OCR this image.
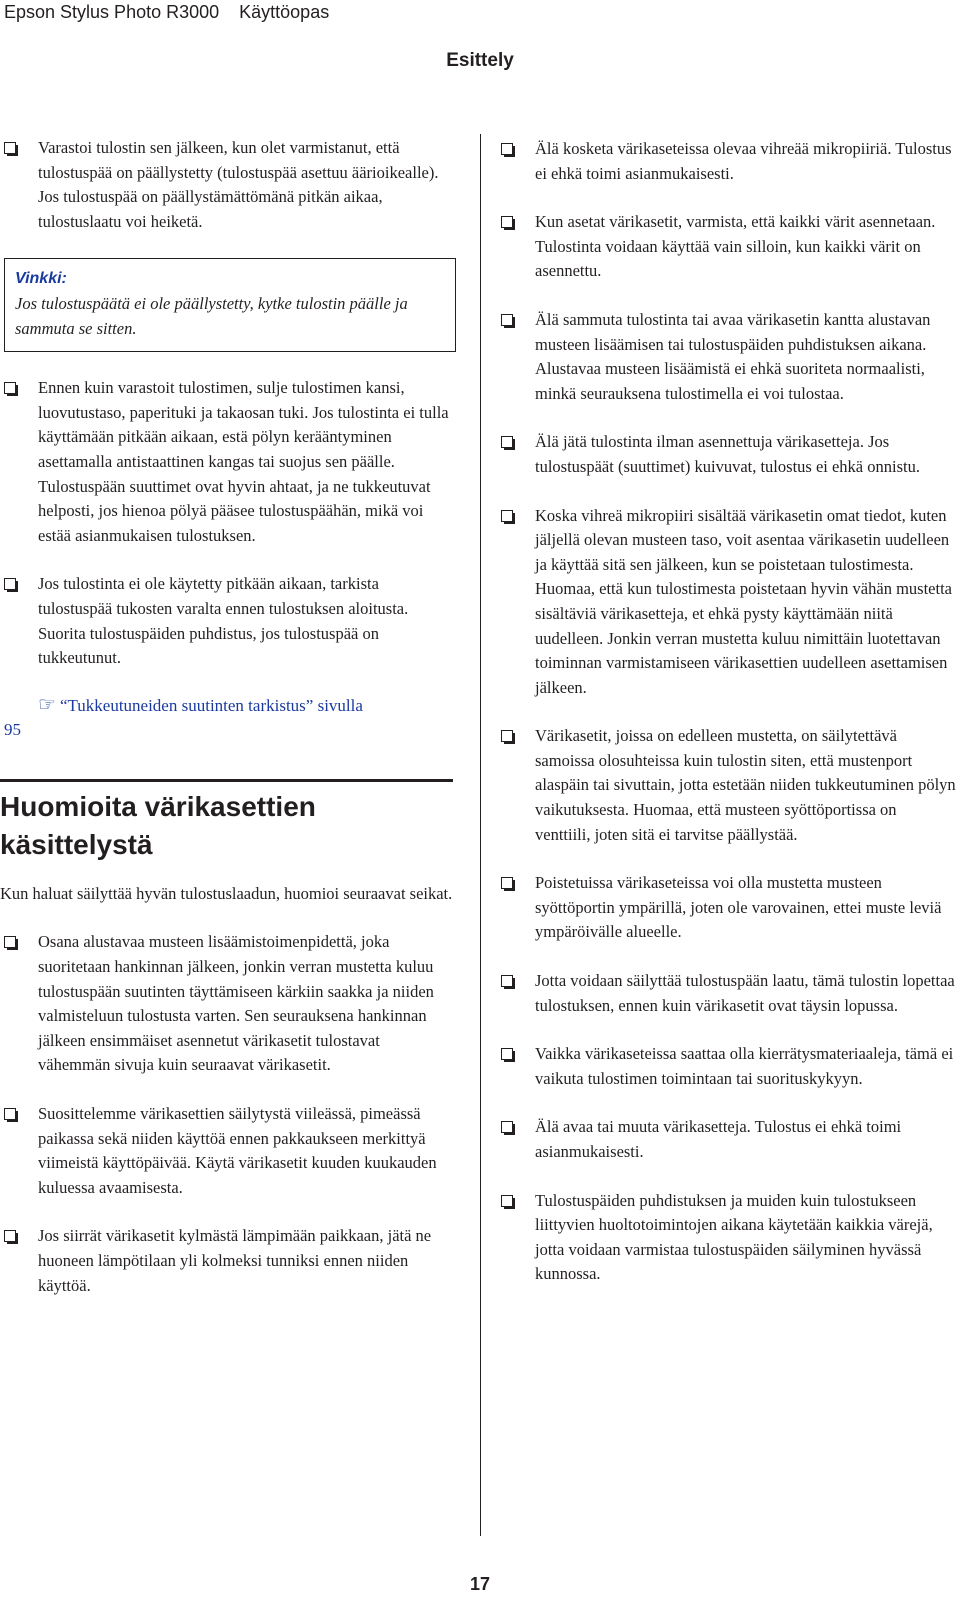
Epson Stylus Photo R3000 Käyttöopas
Esittely
Varastoi tulostin sen jälkeen, kun olet varmistanut, että tulostuspää on päällystetty (tulostuspää asettuu äärioikealle). Jos tulostuspää on päällystämättömänä pitkän aikaa, tulostuslaatu voi heiketä.
Vinkki:
Jos tulostuspäätä ei ole päällystetty, kytke tulostin päälle ja sammuta se sitten.
Ennen kuin varastoit tulostimen, sulje tulostimen kansi, luovutustaso, paperituki ja takaosan tuki. Jos tulostinta ei tulla käyttämään pitkään aikaan, estä pölyn kerääntyminen asettamalla antistaattinen kangas tai suojus sen päälle. Tulostuspään suuttimet ovat hyvin ahtaat, ja ne tukkeutuvat helposti, jos hienoa pölyä pääsee tulostuspäähän, mikä voi estää asianmukaisen tulostuksen.
Jos tulostinta ei ole käytetty pitkään aikaan, tarkista tulostuspää tukosten varalta ennen tulostuksen aloitusta. Suorita tulostuspäiden puhdistus, jos tulostuspää on tukkeutunut.
☞ “Tukkeutuneiden suutinten tarkistus” sivulla
95
Huomioita värikasettien käsittelystä
Kun haluat säilyttää hyvän tulostuslaadun, huomioi seuraavat seikat.
Osana alustavaa musteen lisäämistoimenpidettä, joka suoritetaan hankinnan jälkeen, jonkin verran mustetta kuluu tulostuspään suutinten täyttämiseen kärkiin saakka ja niiden valmisteluun tulostusta varten. Sen seurauksena hankinnan jälkeen ensimmäiset asennetut värikasetit tulostavat vähemmän sivuja kuin seuraavat värikasetit.
Suosittelemme värikasettien säilytystä viileässä, pimeässä paikassa sekä niiden käyttöä ennen pakkaukseen merkittyä viimeistä käyttöpäivää. Käytä värikasetit kuuden kuukauden kuluessa avaamisesta.
Jos siirrät värikasetit kylmästä lämpimään paikkaan, jätä ne huoneen lämpötilaan yli kolmeksi tunniksi ennen niiden käyttöä.
Älä kosketa värikaseteissa olevaa vihreää mikropiiriä. Tulostus ei ehkä toimi asianmukaisesti.
Kun asetat värikasetit, varmista, että kaikki värit asennetaan. Tulostinta voidaan käyttää vain silloin, kun kaikki värit on asennettu.
Älä sammuta tulostinta tai avaa värikasetin kantta alustavan musteen lisäämisen tai tulostuspäiden puhdistuksen aikana. Alustavaa musteen lisäämistä ei ehkä suoriteta normaalisti, minkä seurauksena tulostimella ei voi tulostaa.
Älä jätä tulostinta ilman asennettuja värikasetteja. Jos tulostuspäät (suuttimet) kuivuvat, tulostus ei ehkä onnistu.
Koska vihreä mikropiiri sisältää värikasetin omat tiedot, kuten jäljellä olevan musteen taso, voit asentaa värikasetin uudelleen ja käyttää sitä sen jälkeen, kun se poistetaan tulostimesta. Huomaa, että kun tulostimesta poistetaan hyvin vähän mustetta sisältäviä värikasetteja, et ehkä pysty käyttämään niitä uudelleen. Jonkin verran mustetta kuluu nimittäin luotettavan toiminnan varmistamiseen värikasettien uudelleen asettamisen jälkeen.
Värikasetit, joissa on edelleen mustetta, on säilytettävä samoissa olosuhteissa kuin tulostin siten, että mustenport alaspäin tai sivuttain, jotta estetään niiden tukkeutuminen pölyn vaikutuksesta. Huomaa, että musteen syöttöportissa on venttiili, joten sitä ei tarvitse päällystää.
Poistetuissa värikaseteissa voi olla mustetta musteen syöttöportin ympärillä, joten ole varovainen, ettei muste leviä ympäröivälle alueelle.
Jotta voidaan säilyttää tulostuspään laatu, tämä tulostin lopettaa tulostuksen, ennen kuin värikasetit ovat täysin lopussa.
Vaikka värikaseteissa saattaa olla kierrätysmateriaaleja, tämä ei vaikuta tulostimen toimintaan tai suorituskykyyn.
Älä avaa tai muuta värikasetteja. Tulostus ei ehkä toimi asianmukaisesti.
Tulostuspäiden puhdistuksen ja muiden kuin tulostukseen liittyvien huoltotoimintojen aikana käytetään kaikkia värejä, jotta voidaan varmistaa tulostuspäiden säilyminen hyvässä kunnossa.
17
